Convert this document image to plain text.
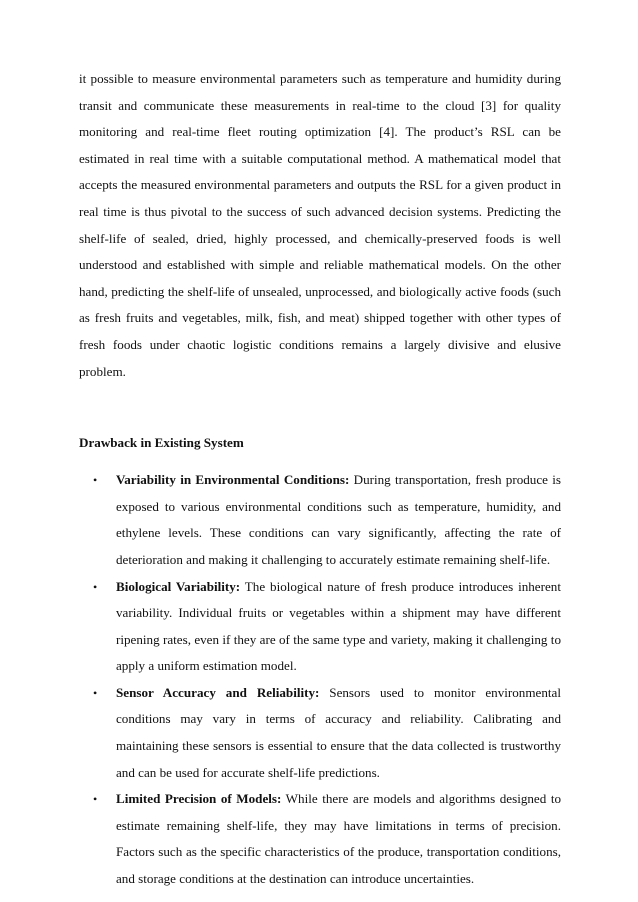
it possible to measure environmental parameters such as temperature and humidity during transit and communicate these measurements in real-time to the cloud [3] for quality monitoring and real-time fleet routing optimization [4]. The product’s RSL can be estimated in real time with a suitable computational method. A mathematical model that accepts the measured environmental parameters and outputs the RSL for a given product in real time is thus pivotal to the success of such advanced decision systems. Predicting the shelf-life of sealed, dried, highly processed, and chemically-preserved foods is well understood and established with simple and reliable mathematical models. On the other hand, predicting the shelf-life of unsealed, unprocessed, and biologically active foods (such as fresh fruits and vegetables, milk, fish, and meat) shipped together with other types of fresh foods under chaotic logistic conditions remains a largely divisive and elusive problem.

Drawback in Existing System
• Variability in Environmental Conditions: During transportation, fresh produce is exposed to various environmental conditions such as temperature, humidity, and ethylene levels. These conditions can vary significantly, affecting the rate of deterioration and making it challenging to accurately estimate remaining shelf-life.
• Biological Variability: The biological nature of fresh produce introduces inherent variability. Individual fruits or vegetables within a shipment may have different ripening rates, even if they are of the same type and variety, making it challenging to apply a uniform estimation model.
• Sensor Accuracy and Reliability: Sensors used to monitor environmental conditions may vary in terms of accuracy and reliability. Calibrating and maintaining these sensors is essential to ensure that the data collected is trustworthy and can be used for accurate shelf-life predictions.
• Limited Precision of Models: While there are models and algorithms designed to estimate remaining shelf-life, they may have limitations in terms of precision. Factors such as the specific characteristics of the produce, transportation conditions, and storage conditions at the destination can introduce uncertainties.
